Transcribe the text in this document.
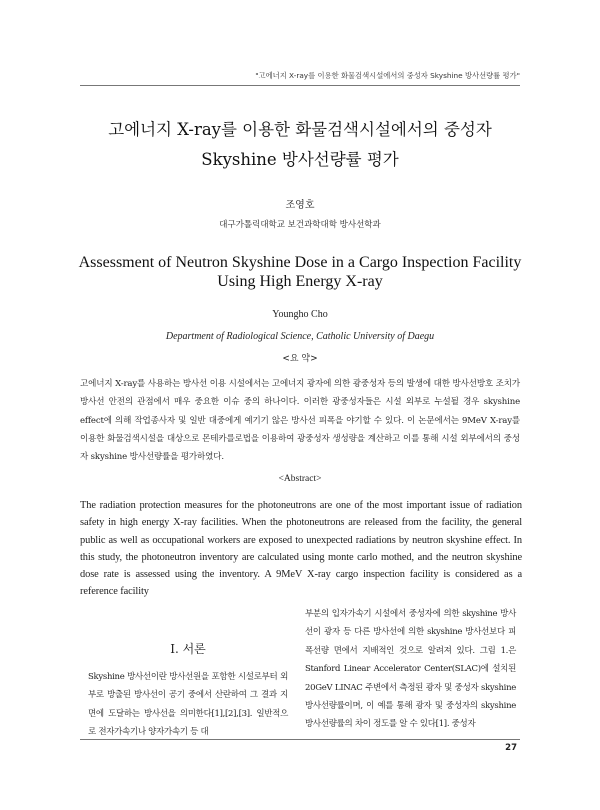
"고에너지 X-ray를 이용한 화물검색시설에서의 중성자 Skyshine 방사선량률 평가"
고에너지 X-ray를 이용한 화물검색시설에서의 중성자
Skyshine 방사선량률 평가
조영호
대구가톨릭대학교 보건과학대학 방사선학과
Assessment of Neutron Skyshine Dose in a Cargo Inspection Facility
Using High Energy X-ray
Youngho Cho
Department of Radiological Science, Catholic University of Daegu
<요 약>

고에너지 X-ray를 사용하는 방사선 이용 시설에서는 고에너지 광자에 의한 광중성자 등의 발생에 대한 방사선방호 조치가 방사선 안전의 관점에서 매우 중요한 이슈 중의 하나이다. 이러한 광중성자들은 시설 외부로 누설될 경우 skyshine effect에 의해 작업종사자 및 일반 대중에게 예기기 않은 방사선 피폭을 야기할 수 있다. 이 논문에서는 9MeV X-ray를 이용한 화물검색시설을 대상으로 몬테카를로법을 이용하여 광중성자 생성량을 계산하고 이를 통해 시설 외부에서의 중성자 skyshine 방사선량률을 평가하였다.

<Abstract>

The radiation protection measures for the photoneutrons are one of the most important issue of radiation safety in high energy X-ray facilities. When the photoneutrons are released from the facility, the general public as well as occupational workers are exposed to unexpected radiations by neutron skyshine effect. In this study, the photoneutron inventory are calculated using monte carlo mothed, and the neutron skyshine dose rate is assessed using the inventory. A 9MeV X-ray cargo inspection facility is considered as a reference facility

I. 서론

Skyshine 방사선이란 방사선원을 포함한 시설로부터 외부로 방출된 방사선이 공기 중에서 산란하여 그 결과 지면에 도달하는 방사선을 의미한다[1],[2],[3]. 일반적으로 전자가속기나 양자가속기 등 대

부분의 입자가속기 시설에서 중성자에 의한 skyshine 방사선이 광자 등 다른 방사선에 의한 skyshine 방사선보다 피폭선량 면에서 지배적인 것으로 알려져 있다. 그림 1.은 Stanford Linear Accelerator Center(SLAC)에 설치된 20GeV LINAC 주변에서 측정된 광자 및 중성자 skyshine 방사선량률이며, 이 예를 통해 광자 및 중성자의 skyshine 방사선량률의 차이 정도를 알 수 있다[1]. 중성자

27
